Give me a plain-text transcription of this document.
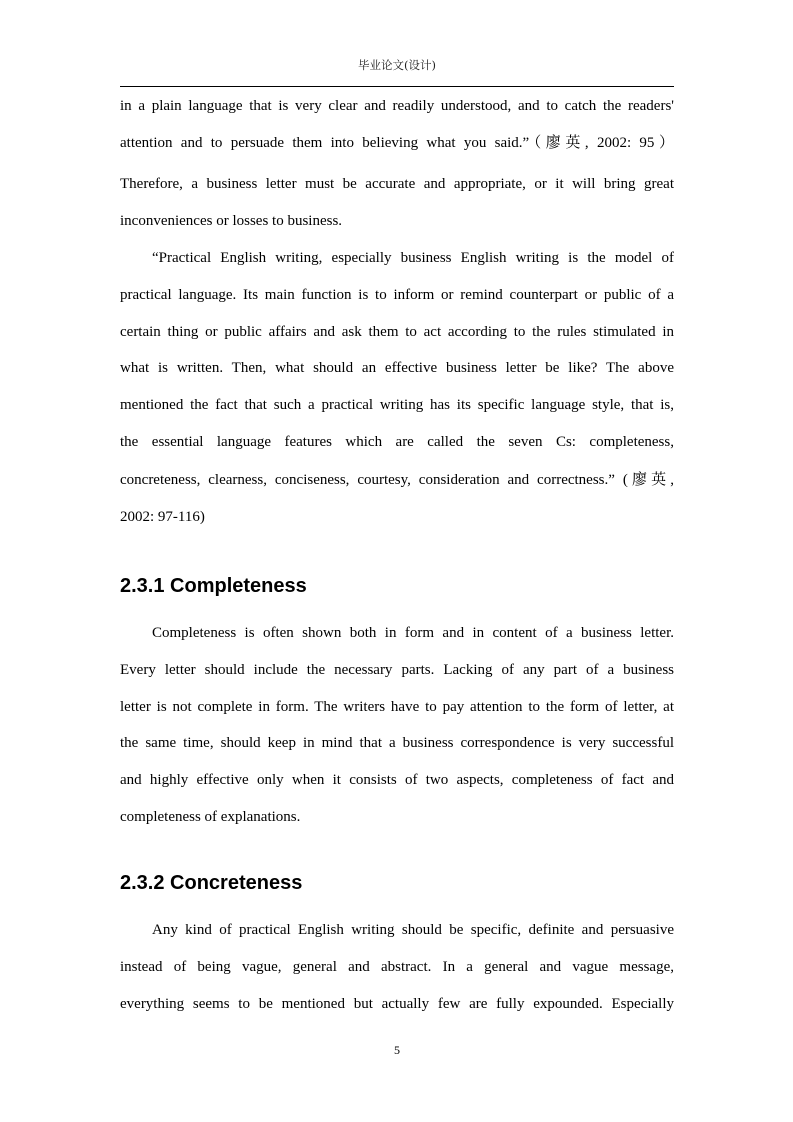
毕业论文(设计)
in a plain language that is very clear and readily understood, and to catch the readers'
attention and to persuade them into believing what you said.”（廖英, 2002: 95）
Therefore, a business letter must be accurate and appropriate, or it will bring great
inconveniences or losses to business.
“Practical English writing, especially business English writing is the model of
practical language. Its main function is to inform or remind counterpart or public of a
certain thing or public affairs and ask them to act according to the rules stimulated in
what is written. Then, what should an effective business letter be like? The above
mentioned the fact that such a practical writing has its specific language style, that is,
the essential language features which are called the seven Cs: completeness,
concreteness, clearness, conciseness, courtesy, consideration and correctness.” (廖英,
2002: 97-116)
2.3.1 Completeness
Completeness is often shown both in form and in content of a business letter.
Every letter should include the necessary parts. Lacking of any part of a business
letter is not complete in form. The writers have to pay attention to the form of letter, at
the same time, should keep in mind that a business correspondence is very successful
and highly effective only when it consists of two aspects, completeness of fact and
completeness of explanations.
2.3.2 Concreteness
Any kind of practical English writing should be specific, definite and persuasive
instead of being vague, general and abstract. In a general and vague message,
everything seems to be mentioned but actually few are fully expounded. Especially
5
